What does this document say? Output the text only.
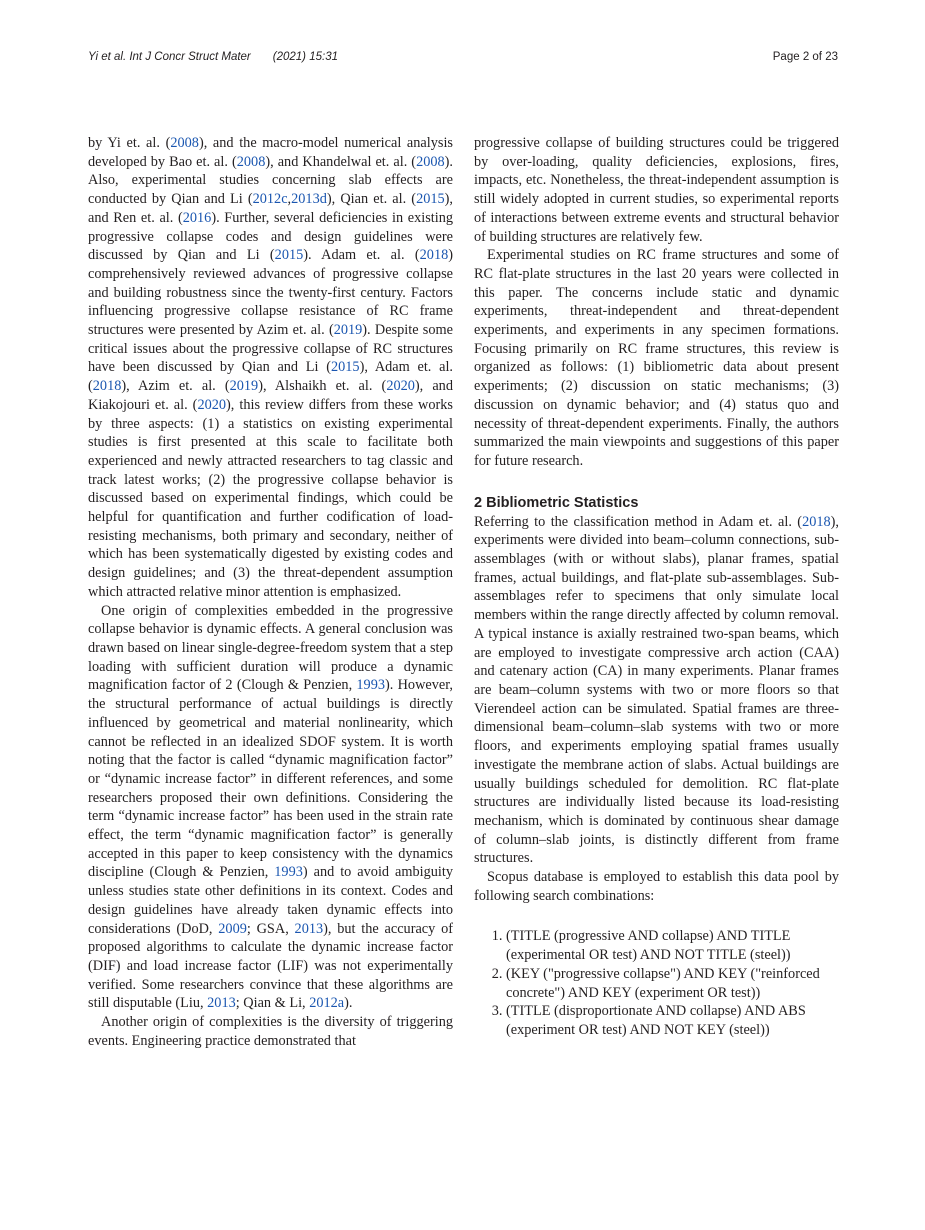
Yi et al. Int J Concr Struct Mater (2021) 15:31	Page 2 of 23

by Yi et. al. (2008), and the macro-model numerical analysis developed by Bao et. al. (2008), and Khandelwal et. al. (2008). Also, experimental studies concerning slab effects are conducted by Qian and Li (2012c,2013d), Qian et. al. (2015), and Ren et. al. (2016). Further, several deficiencies in existing progressive collapse codes and design guidelines were discussed by Qian and Li (2015). Adam et. al. (2018) comprehensively reviewed advances of progressive collapse and building robustness since the twenty-first century. Factors influencing progressive collapse resistance of RC frame structures were presented by Azim et. al. (2019). Despite some critical issues about the progressive collapse of RC structures have been discussed by Qian and Li (2015), Adam et. al. (2018), Azim et. al. (2019), Alshaikh et. al. (2020), and Kiakojouri et. al. (2020), this review differs from these works by three aspects: (1) a statistics on existing experimental studies is first presented at this scale to facilitate both experienced and newly attracted researchers to tag classic and track latest works; (2) the progressive collapse behavior is discussed based on experimental findings, which could be helpful for quantification and further codification of load-resisting mechanisms, both primary and secondary, neither of which has been systematically digested by existing codes and design guidelines; and (3) the threat-dependent assumption which attracted relative minor attention is emphasized.

One origin of complexities embedded in the progressive collapse behavior is dynamic effects. A general conclusion was drawn based on linear single-degree-freedom system that a step loading with sufficient duration will produce a dynamic magnification factor of 2 (Clough & Penzien, 1993). However, the structural performance of actual buildings is directly influenced by geometrical and material nonlinearity, which cannot be reflected in an idealized SDOF system. It is worth noting that the factor is called “dynamic magnification factor” or “dynamic increase factor” in different references, and some researchers proposed their own definitions. Considering the term “dynamic increase factor” has been used in the strain rate effect, the term “dynamic magnification factor” is generally accepted in this paper to keep consistency with the dynamics discipline (Clough & Penzien, 1993) and to avoid ambiguity unless studies state other definitions in its context. Codes and design guidelines have already taken dynamic effects into considerations (DoD, 2009; GSA, 2013), but the accuracy of proposed algorithms to calculate the dynamic increase factor (DIF) and load increase factor (LIF) was not experimentally verified. Some researchers convince that these algorithms are still disputable (Liu, 2013; Qian & Li, 2012a).

Another origin of complexities is the diversity of triggering events. Engineering practice demonstrated that

progressive collapse of building structures could be triggered by over-loading, quality deficiencies, explosions, fires, impacts, etc. Nonetheless, the threat-independent assumption is still widely adopted in current studies, so experimental reports of interactions between extreme events and structural behavior of building structures are relatively few.

Experimental studies on RC frame structures and some of RC flat-plate structures in the last 20 years were collected in this paper. The concerns include static and dynamic experiments, threat-independent and threat-dependent experiments, and experiments in any specimen formations. Focusing primarily on RC frame structures, this review is organized as follows: (1) bibliometric data about present experiments; (2) discussion on static mechanisms; (3) discussion on dynamic behavior; and (4) status quo and necessity of threat-dependent experiments. Finally, the authors summarized the main viewpoints and suggestions of this paper for future research.

2 Bibliometric Statistics

Referring to the classification method in Adam et. al. (2018), experiments were divided into beam–column connections, sub-assemblages (with or without slabs), planar frames, spatial frames, actual buildings, and flat-plate sub-assemblages. Sub-assemblages refer to specimens that only simulate local members within the range directly affected by column removal. A typical instance is axially restrained two-span beams, which are employed to investigate compressive arch action (CAA) and catenary action (CA) in many experiments. Planar frames are beam–column systems with two or more floors so that Vierendeel action can be simulated. Spatial frames are three-dimensional beam–column–slab systems with two or more floors, and experiments employing spatial frames usually investigate the membrane action of slabs. Actual buildings are usually buildings scheduled for demolition. RC flat-plate structures are individually listed because its load-resisting mechanism, which is dominated by continuous shear damage of column–slab joints, is distinctly different from frame structures.

Scopus database is employed to establish this data pool by following search combinations:

1. (TITLE (progressive AND collapse) AND TITLE (experimental OR test) AND NOT TITLE (steel))
2. (KEY ("progressive collapse") AND KEY ("reinforced concrete") AND KEY (experiment OR test))
3. (TITLE (disproportionate AND collapse) AND ABS (experiment OR test) AND NOT KEY (steel))
